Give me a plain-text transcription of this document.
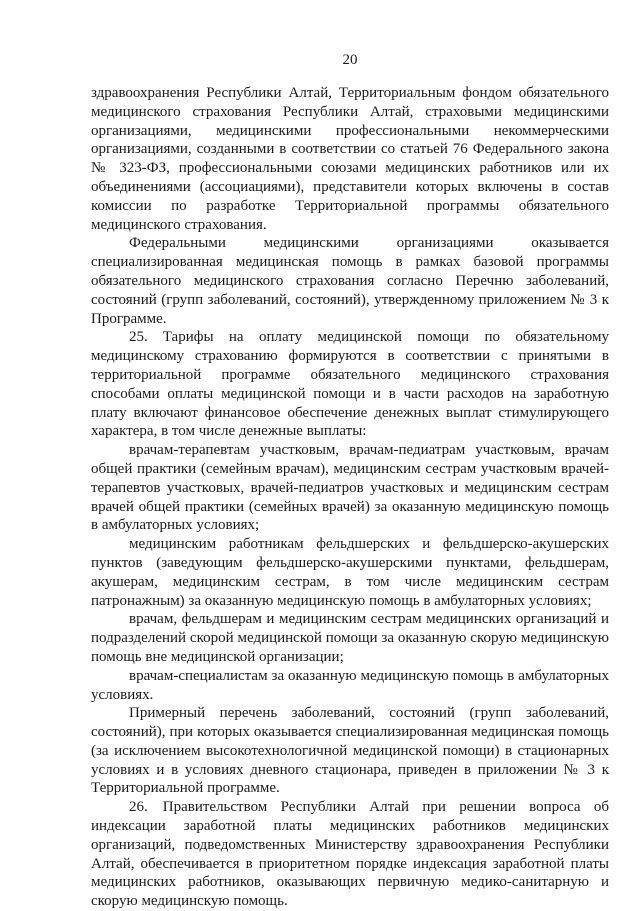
20

здравоохранения Республики Алтай, Территориальным фондом обязательного медицинского страхования Республики Алтай, страховыми медицинскими организациями, медицинскими профессиональными некоммерческими организациями, созданными в соответствии со статьей 76 Федерального закона № 323-ФЗ, профессиональными союзами медицинских работников или их объединениями (ассоциациями), представители которых включены в состав комиссии по разработке Территориальной программы обязательного медицинского страхования.

Федеральными медицинскими организациями оказывается специализированная медицинская помощь в рамках базовой программы обязательного медицинского страхования согласно Перечню заболеваний, состояний (групп заболеваний, состояний), утвержденному приложением № 3 к Программе.

25. Тарифы на оплату медицинской помощи по обязательному медицинскому страхованию формируются в соответствии с принятыми в территориальной программе обязательного медицинского страхования способами оплаты медицинской помощи и в части расходов на заработную плату включают финансовое обеспечение денежных выплат стимулирующего характера, в том числе денежные выплаты:

врачам-терапевтам участковым, врачам-педиатрам участковым, врачам общей практики (семейным врачам), медицинским сестрам участковым врачей-терапевтов участковых, врачей-педиатров участковых и медицинским сестрам врачей общей практики (семейных врачей) за оказанную медицинскую помощь в амбулаторных условиях;

медицинским работникам фельдшерских и фельдшерско-акушерских пунктов (заведующим фельдшерско-акушерскими пунктами, фельдшерам, акушерам, медицинским сестрам, в том числе медицинским сестрам патронажным) за оказанную медицинскую помощь в амбулаторных условиях;

врачам, фельдшерам и медицинским сестрам медицинских организаций и подразделений скорой медицинской помощи за оказанную скорую медицинскую помощь вне медицинской организации;

врачам-специалистам за оказанную медицинскую помощь в амбулаторных условиях.

Примерный перечень заболеваний, состояний (групп заболеваний, состояний), при которых оказывается специализированная медицинская помощь (за исключением высокотехнологичной медицинской помощи) в стационарных условиях и в условиях дневного стационара, приведен в приложении № 3 к Территориальной программе.

26. Правительством Республики Алтай при решении вопроса об индексации заработной платы медицинских работников медицинских организаций, подведомственных Министерству здравоохранения Республики Алтай, обеспечивается в приоритетном порядке индексация заработной платы медицинских работников, оказывающих первичную медико-санитарную и скорую медицинскую помощь.
